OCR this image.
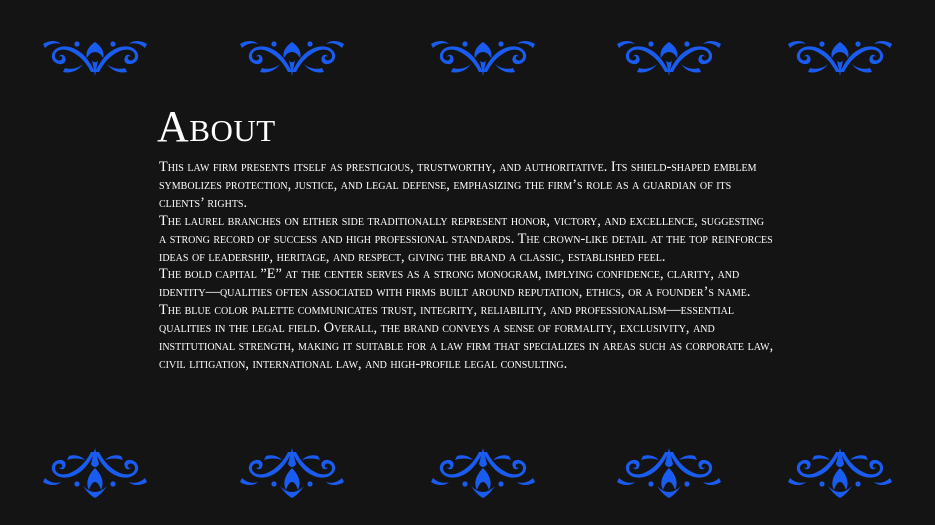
About

This law firm presents itself as prestigious, trustworthy, and authoritative. Its shield-shaped emblem symbolizes protection, justice, and legal defense, emphasizing the firm’s role as a guardian of its clients’ rights.

The laurel branches on either side traditionally represent honor, victory, and excellence, suggesting a strong record of success and high professional standards. The crown-like detail at the top reinforces ideas of leadership, heritage, and respect, giving the brand a classic, established feel.

The bold capital ”E” at the center serves as a strong monogram, implying confidence, clarity, and identity—qualities often associated with firms built around reputation, ethics, or a founder’s name.

The blue color palette communicates trust, integrity, reliability, and professionalism—essential qualities in the legal field. Overall, the brand conveys a sense of formality, exclusivity, and institutional strength, making it suitable for a law firm that specializes in areas such as corporate law, civil litigation, international law, and high-profile legal consulting.
